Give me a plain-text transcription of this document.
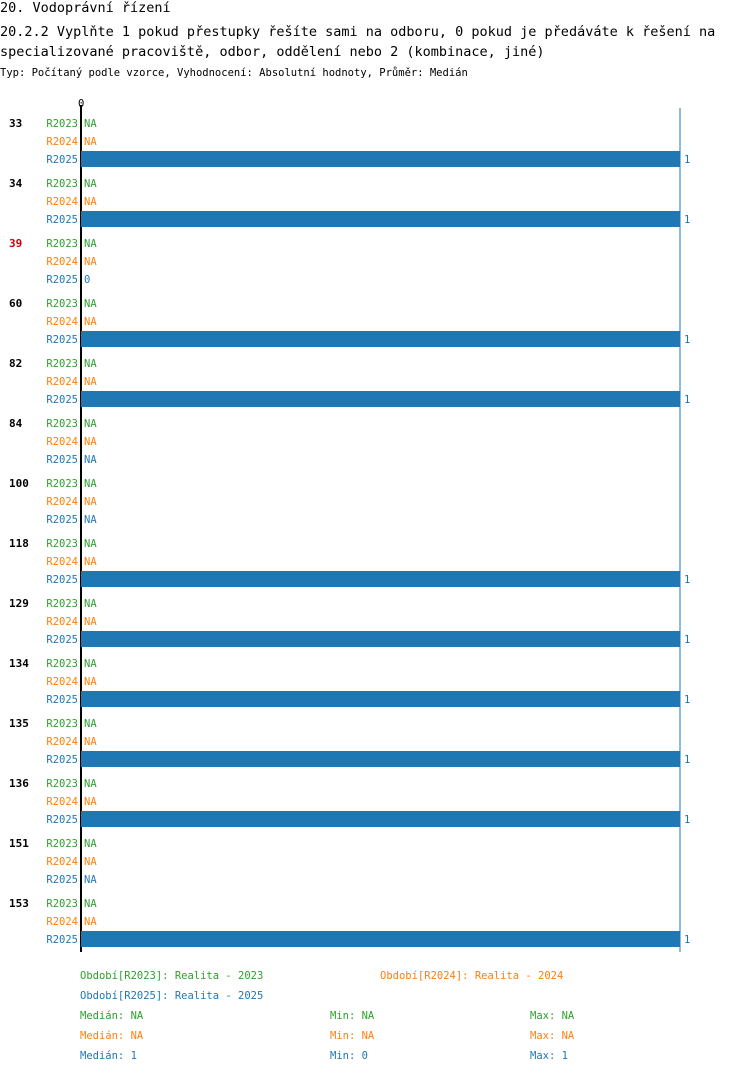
20. Vodoprávní řízení
20.2.2 Vyplňte 1 pokud přestupky řešíte sami na odboru, 0 pokud je předáváte k řešení na specializované pracoviště, odbor, oddělení nebo 2 (kombinace, jiné)
Typ: Počítaný podle vzorce, Vyhodnocení: Absolutní hodnoty, Průměr: Medián
0
33 R2023 NA
R2024 NA
R2025	1
34 R2023 NA
R2024 NA
R2025	1
39 R2023 NA
R2024 NA
R2025 0
60 R2023 NA
R2024 NA
R2025	1
82 R2023 NA
R2024 NA
R2025	1
84 R2023 NA
R2024 NA
R2025 NA
100 R2023 NA
R2024 NA
R2025 NA
118 R2023 NA
R2024 NA
R2025	1
129 R2023 NA
R2024 NA
R2025	1
134 R2023 NA
R2024 NA
R2025	1
135 R2023 NA
R2024 NA
R2025	1
136 R2023 NA
R2024 NA
R2025	1
151 R2023 NA
R2024 NA
R2025 NA
153 R2023 NA
R2024 NA
R2025	1
Období[R2023]: Realita - 2023	Období[R2024]: Realita - 2024
Období[R2025]: Realita - 2025
Medián: NA	Min: NA	Max: NA
Medián: NA	Min: NA	Max: NA
Medián: 1	Min: 0	Max: 1
